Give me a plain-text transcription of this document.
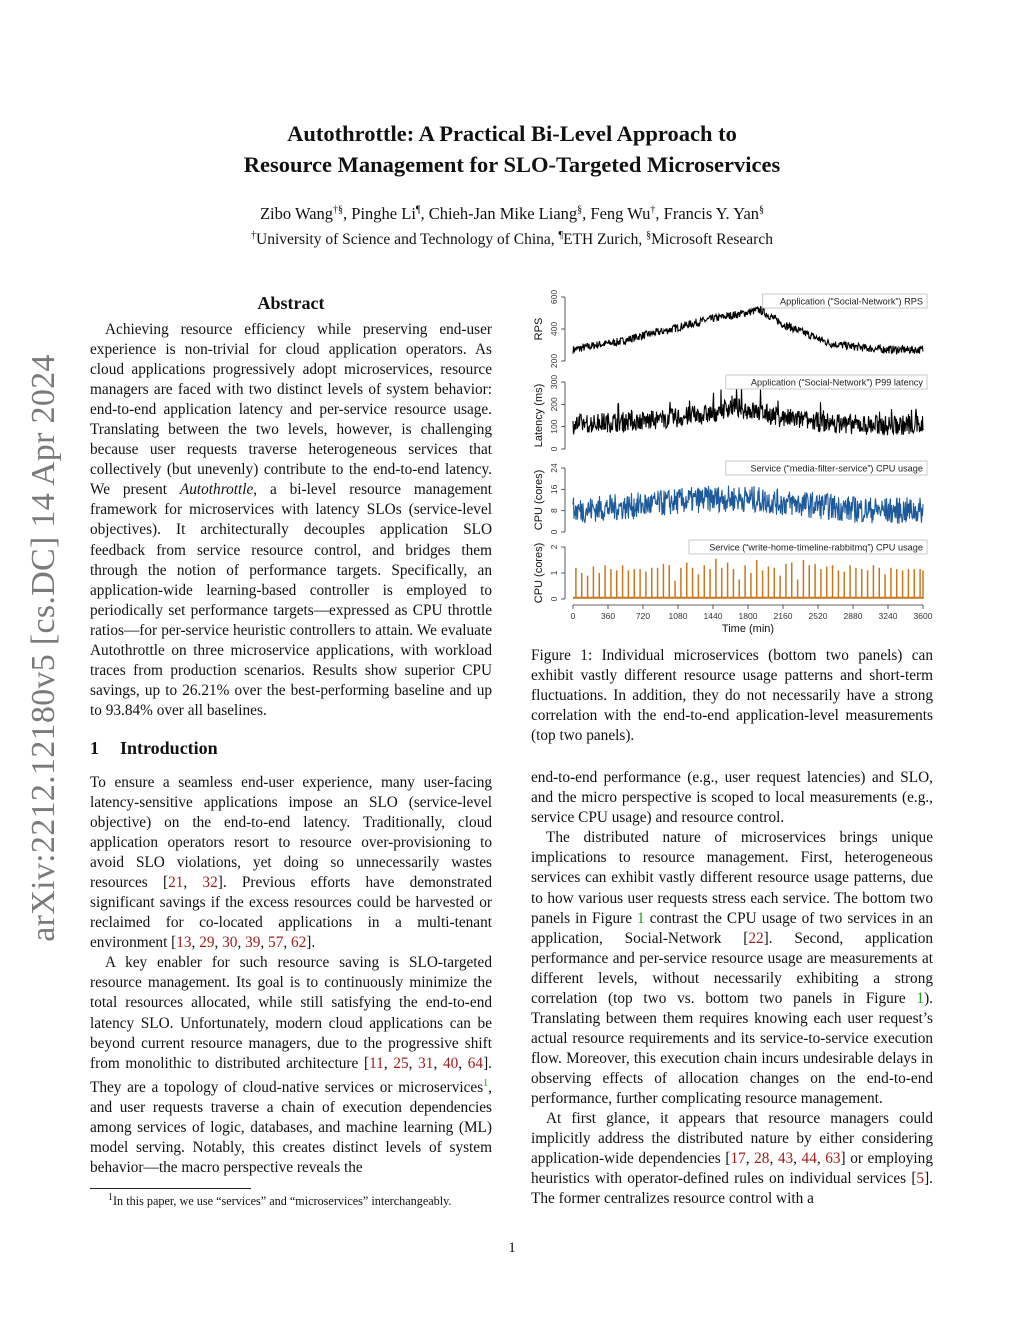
arXiv:2212.12180v5 [cs.DC] 14 Apr 2024
Autothrottle: A Practical Bi-Level Approach to
Resource Management for SLO-Targeted Microservices
Zibo Wang†§, Pinghe Li¶, Chieh-Jan Mike Liang§, Feng Wu†, Francis Y. Yan§
†University of Science and Technology of China, ¶ETH Zurich, §Microsoft Research
Abstract

Achieving resource efficiency while preserving end-user experience is non-trivial for cloud application operators. As cloud applications progressively adopt microservices, resource managers are faced with two distinct levels of system behavior: end-to-end application latency and per-service resource usage. Translating between the two levels, however, is challenging because user requests traverse heterogeneous services that collectively (but unevenly) contribute to the end-to-end latency. We present Autothrottle, a bi-level resource management framework for microservices with latency SLOs (service-level objectives). It architecturally decouples application SLO feedback from service resource control, and bridges them through the notion of performance targets. Specifically, an application-wide learning-based controller is employed to periodically set performance targets—expressed as CPU throttle ratios—for per-service heuristic controllers to attain. We evaluate Autothrottle on three microservice applications, with workload traces from production scenarios. Results show superior CPU savings, up to 26.21% over the best-performing baseline and up to 93.84% over all baselines.

1 Introduction

To ensure a seamless end-user experience, many user-facing latency-sensitive applications impose an SLO (service-level objective) on the end-to-end latency. Traditionally, cloud application operators resort to resource over-provisioning to avoid SLO violations, yet doing so unnecessarily wastes resources [21, 32]. Previous efforts have demonstrated significant savings if the excess resources could be harvested or reclaimed for co-located applications in a multi-tenant environment [13, 29, 30, 39, 57, 62].

A key enabler for such resource saving is SLO-targeted resource management. Its goal is to continuously minimize the total resources allocated, while still satisfying the end-to-end latency SLO. Unfortunately, modern cloud applications can be beyond current resource managers, due to the progressive shift from monolithic to distributed architecture [11, 25, 31, 40, 64]. They are a topology of cloud-native services or microservices$^1$, and user requests traverse a chain of execution dependencies among services of logic, databases, and machine learning (ML) model serving. Notably, this creates distinct levels of system behavior—the macro perspective reveals the

$^1$In this paper, we use “services” and “microservices” interchangeably.
200
400
600
RPS
Application (“Social-Network”) RPS
0
100
200
300
Latency (ms)
Application (“Social-Network”) P99 latency
0
8
16
24
CPU (cores)
Service (“media-filter-service”) CPU usage
0
1
2
CPU (cores)
0	360 720 1080 1440 1800 2160 2520 2880 3240 3600
Time (min)
Service (“write-home-timeline-rabbitmq”) CPU usage

Figure 1: Individual microservices (bottom two panels) can exhibit vastly different resource usage patterns and short-term fluctuations. In addition, they do not necessarily have a strong correlation with the end-to-end application-level measurements (top two panels).

end-to-end performance (e.g., user request latencies) and SLO, and the micro perspective is scoped to local measurements (e.g., service CPU usage) and resource control.

The distributed nature of microservices brings unique implications to resource management. First, heterogeneous services can exhibit vastly different resource usage patterns, due to how various user requests stress each service. The bottom two panels in Figure 1 contrast the CPU usage of two services in an application, Social-Network [22]. Second, application performance and per-service resource usage are measurements at different levels, without necessarily exhibiting a strong correlation (top two vs. bottom two panels in Figure 1). Translating between them requires knowing each user request’s actual resource requirements and its service-to-service execution flow. Moreover, this execution chain incurs undesirable delays in observing effects of allocation changes on the end-to-end performance, further complicating resource management.

At first glance, it appears that resource managers could implicitly address the distributed nature by either considering application-wide dependencies [17, 28, 43, 44, 63] or employing heuristics with operator-defined rules on individual services [5]. The former centralizes resource control with a

1
